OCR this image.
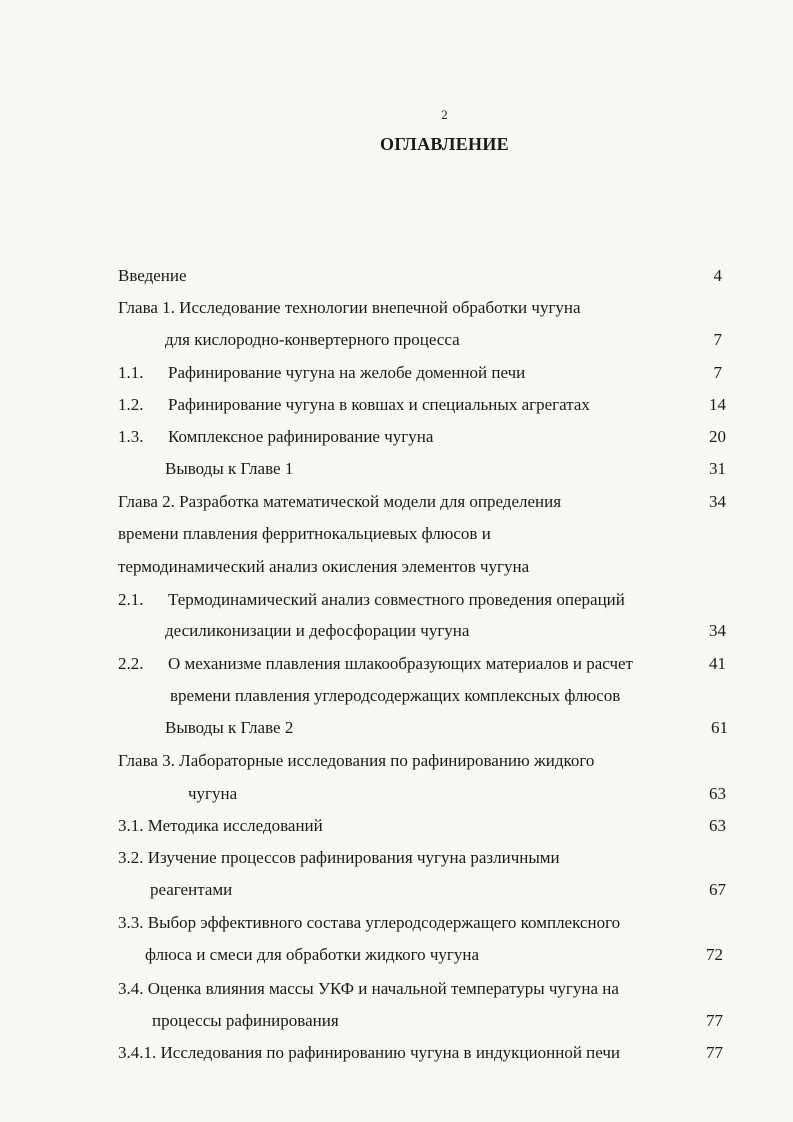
2
ОГЛАВЛЕНИЕ
Введение	4
Глава 1. Исследование технологии внепечной обработки чугуна
для кислородно-конвертерного процесса	7
1.1. Рафинирование чугуна на желобе доменной печи	7
1.2. Рафинирование чугуна в ковшах и специальных агрегатах	14
1.3. Комплексное рафинирование чугуна	20
Выводы к Главе 1	31
Глава 2. Разработка математической модели для определения	34
времени плавления ферритнокальциевых флюсов и
термодинамический анализ окисления элементов чугуна
2.1. Термодинамический анализ совместного проведения операций
десиликонизации и дефосфорации чугуна	34
2.2. О механизме плавления шлакообразующих материалов и расчет	41
времени плавления углеродсодержащих комплексных флюсов
Выводы к Главе 2	61
Глава 3. Лабораторные исследования по рафинированию жидкого
чугуна	63
3.1. Методика исследований	63
3.2. Изучение процессов рафинирования чугуна различными
реагентами	67
3.3. Выбор эффективного состава углеродсодержащего комплексного
флюса и смеси для обработки жидкого чугуна	72
3.4. Оценка влияния массы УКФ и начальной температуры чугуна на
процессы рафинирования	77
3.4.1. Исследования по рафинированию чугуна в индукционной печи	77
